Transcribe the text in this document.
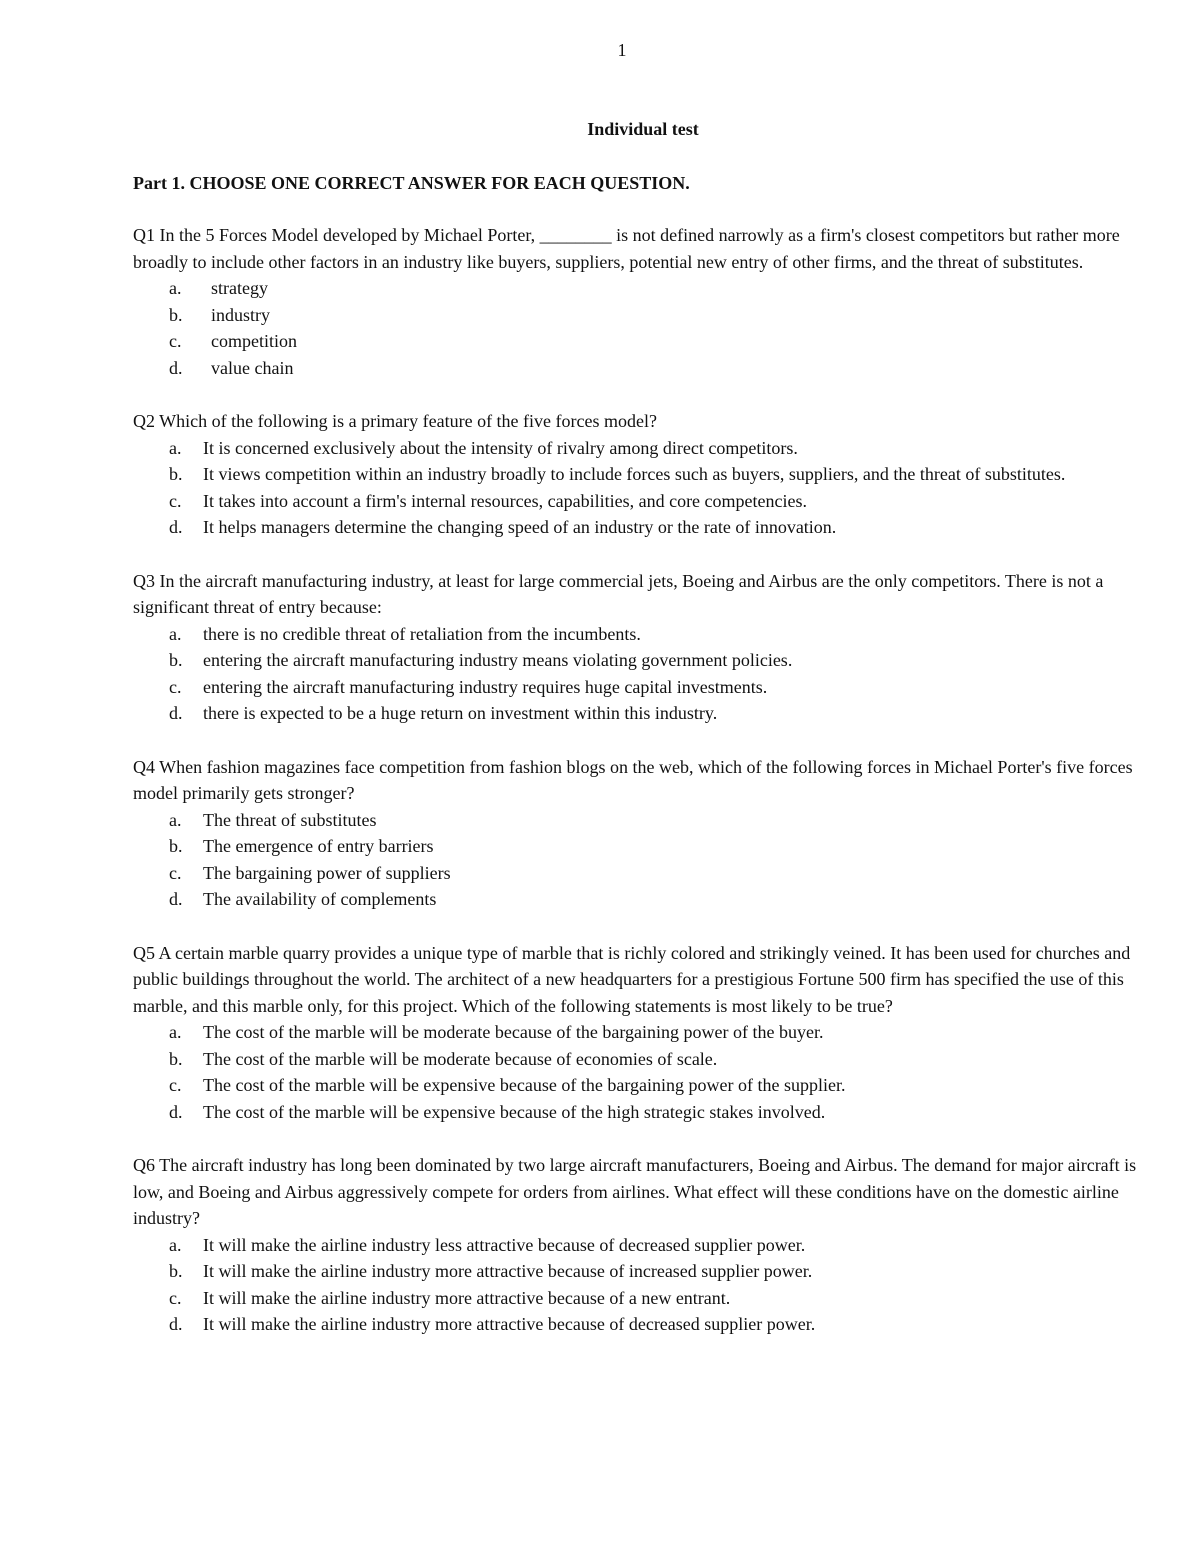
1
Individual test
Part 1. CHOOSE ONE CORRECT ANSWER FOR EACH QUESTION.

Q1 In the 5 Forces Model developed by Michael Porter, ________ is not defined narrowly as a firm's closest competitors but rather more broadly to include other factors in an industry like buyers, suppliers, potential new entry of other firms, and the threat of substitutes.

a.	strategy
b.	industry
c.	competition
d.	value chain

Q2 Which of the following is a primary feature of the five forces model?

a.	It is concerned exclusively about the intensity of rivalry among direct competitors.
b.	It views competition within an industry broadly to include forces such as buyers, suppliers, and the threat of substitutes.
c.	It takes into account a firm's internal resources, capabilities, and core competencies.
d.	It helps managers determine the changing speed of an industry or the rate of innovation.

Q3 In the aircraft manufacturing industry, at least for large commercial jets, Boeing and Airbus are the only competitors. There is not a significant threat of entry because:

a.	there is no credible threat of retaliation from the incumbents.
b.	entering the aircraft manufacturing industry means violating government policies.
c.	entering the aircraft manufacturing industry requires huge capital investments.
d.	there is expected to be a huge return on investment within this industry.

Q4 When fashion magazines face competition from fashion blogs on the web, which of the following forces in Michael Porter's five forces model primarily gets stronger?

a.	The threat of substitutes
b.	The emergence of entry barriers
c.	The bargaining power of suppliers
d.	The availability of complements

Q5 A certain marble quarry provides a unique type of marble that is richly colored and strikingly veined. It has been used for churches and public buildings throughout the world. The architect of a new headquarters for a prestigious Fortune 500 firm has specified the use of this marble, and this marble only, for this project. Which of the following statements is most likely to be true?

a.	The cost of the marble will be moderate because of the bargaining power of the buyer.
b.	The cost of the marble will be moderate because of economies of scale.
c.	The cost of the marble will be expensive because of the bargaining power of the supplier.
d.	The cost of the marble will be expensive because of the high strategic stakes involved.

Q6 The aircraft industry has long been dominated by two large aircraft manufacturers, Boeing and Airbus. The demand for major aircraft is low, and Boeing and Airbus aggressively compete for orders from airlines. What effect will these conditions have on the domestic airline industry?

a.	It will make the airline industry less attractive because of decreased supplier power.
b.	It will make the airline industry more attractive because of increased supplier power.
c.	It will make the airline industry more attractive because of a new entrant.
d.	It will make the airline industry more attractive because of decreased supplier power.
